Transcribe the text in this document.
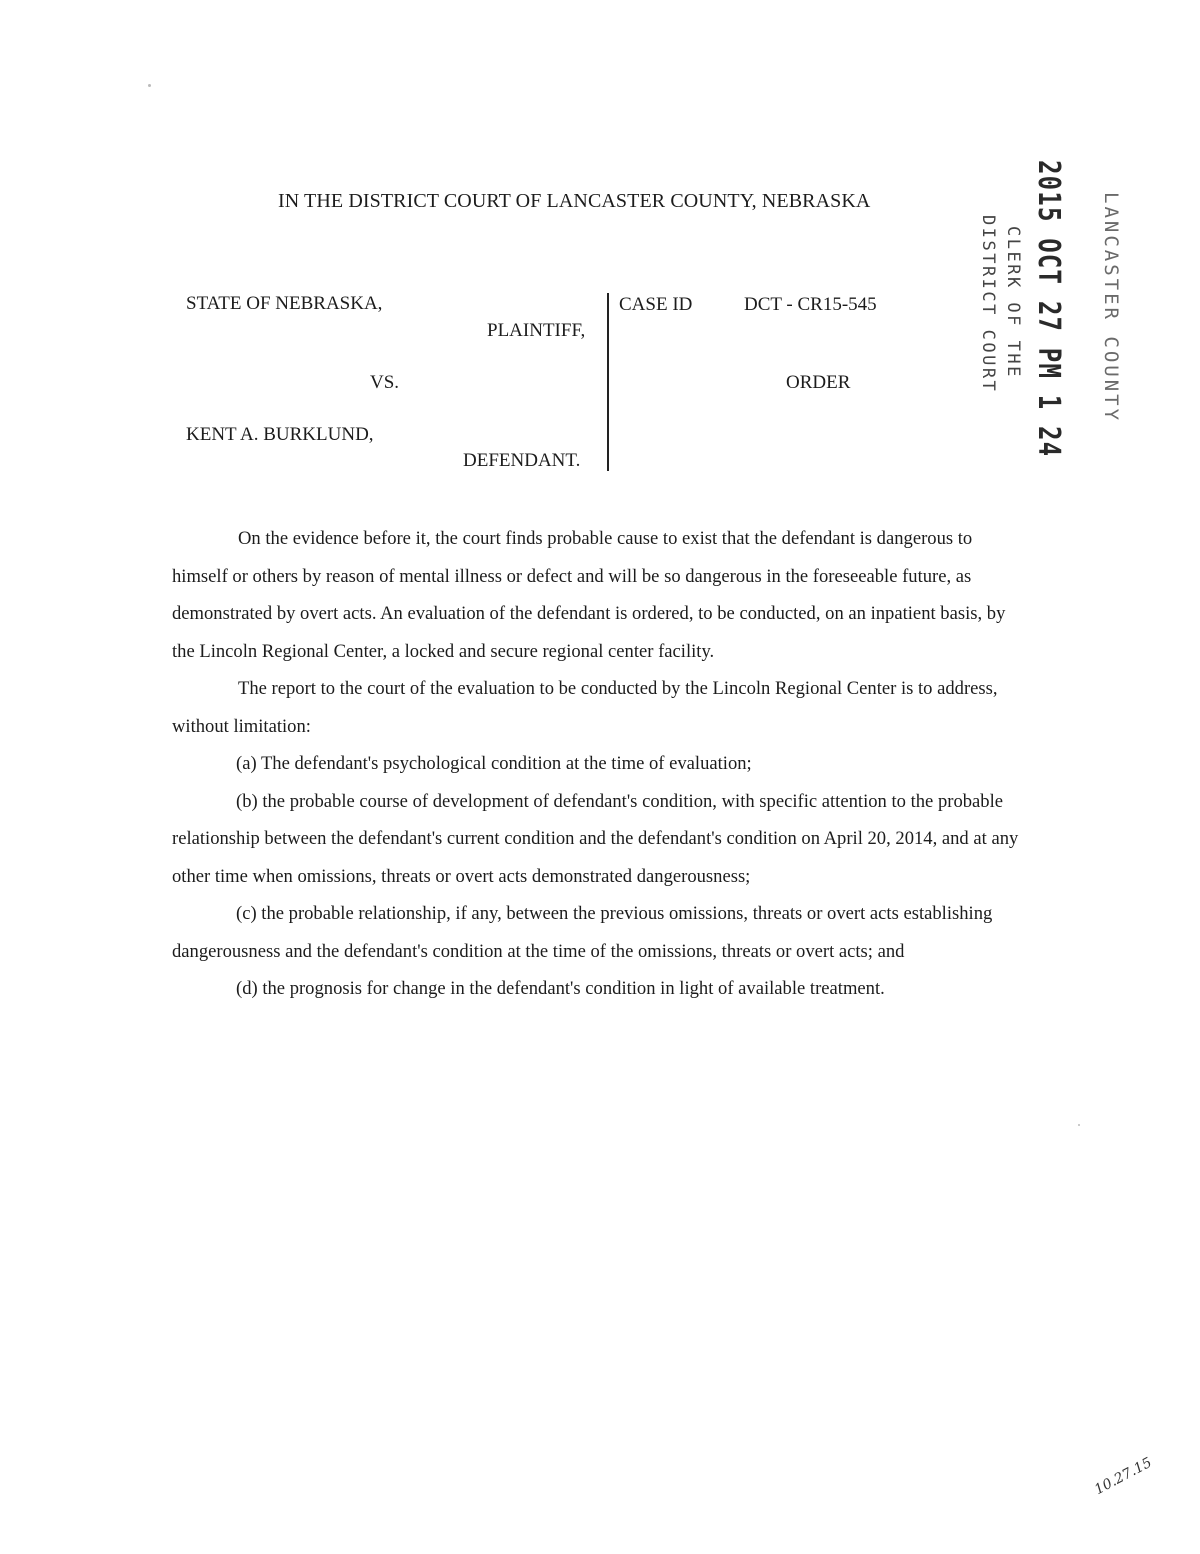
IN THE DISTRICT COURT OF LANCASTER COUNTY, NEBRASKA
STATE OF NEBRASKA,
PLAINTIFF,
VS.
KENT A. BURKLUND,
DEFENDANT.
CASE ID	DCT - CR15-545
ORDER	LANCASTER COUNTY
2015 OCT 27 PM 1 24
CLERK OF THE
DISTRICT COURT

On the evidence before it, the court finds probable cause to exist that the defendant is dangerous to himself or others by reason of mental illness or defect and will be so dangerous in the foreseeable future, as demonstrated by overt acts. An evaluation of the defendant is ordered, to be conducted, on an inpatient basis, by the Lincoln Regional Center, a locked and secure regional center facility.

The report to the court of the evaluation to be conducted by the Lincoln Regional Center is to address, without limitation:

(a) The defendant's psychological condition at the time of evaluation;

(b) the probable course of development of defendant's condition, with specific attention to the probable relationship between the defendant's current condition and the defendant's condition on April 20, 2014, and at any other time when omissions, threats or overt acts demonstrated dangerousness;

(c) the probable relationship, if any, between the previous omissions, threats or overt acts establishing dangerousness and the defendant's condition at the time of the omissions, threats or overt acts; and

(d) the prognosis for change in the defendant's condition in light of available treatment.

10.27.15
